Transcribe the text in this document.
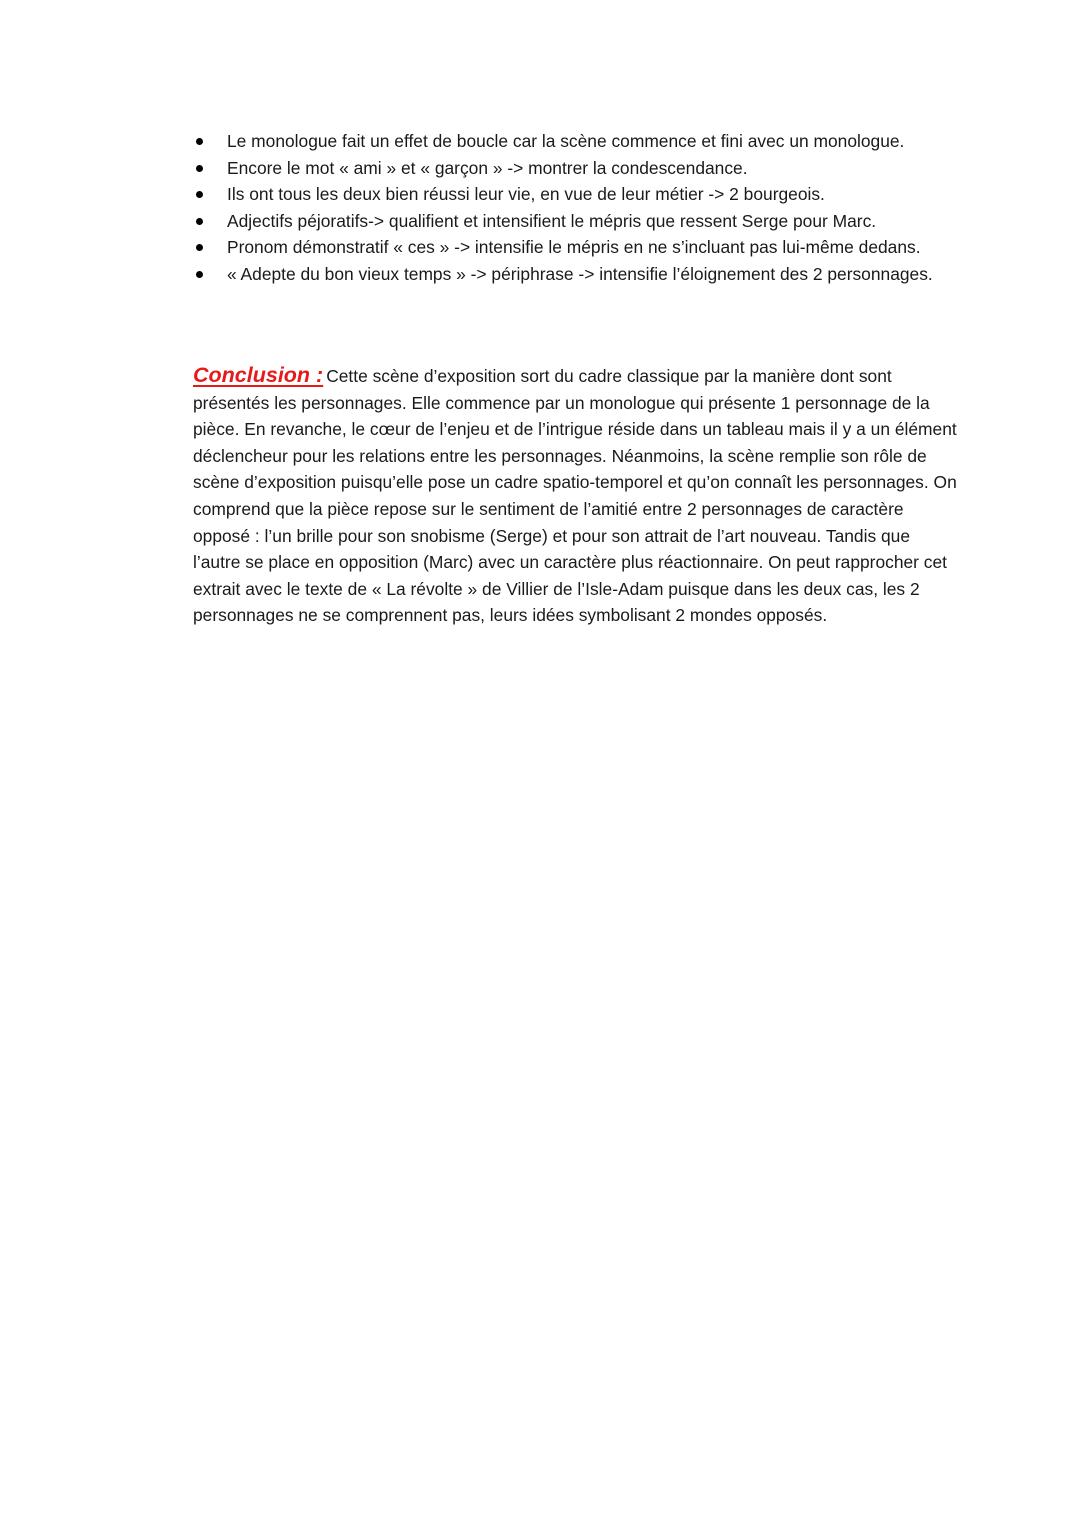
Le monologue fait un effet de boucle car la scène commence et fini avec un monologue.
Encore le mot « ami » et « garçon » -> montrer la condescendance.
Ils ont tous les deux bien réussi leur vie, en vue de leur métier -> 2 bourgeois.
Adjectifs péjoratifs-> qualifient et intensifient le mépris que ressent Serge pour Marc.
Pronom démonstratif « ces » -> intensifie le mépris en ne s’incluant pas lui-même dedans.
« Adepte du bon vieux temps » -> périphrase -> intensifie l’éloignement des 2 personnages.

Conclusion : Cette scène d’exposition sort du cadre classique par la manière dont sont présentés les personnages. Elle commence par un monologue qui présente 1 personnage de la pièce. En revanche, le cœur de l’enjeu et de l’intrigue réside dans un tableau mais il y a un élément déclencheur pour les relations entre les personnages. Néanmoins, la scène remplie son rôle de scène d’exposition puisqu’elle pose un cadre spatio-temporel et qu’on connaît les personnages. On comprend que la pièce repose sur le sentiment de l’amitié entre 2 personnages de caractère opposé : l’un brille pour son snobisme (Serge) et pour son attrait de l’art nouveau. Tandis que l’autre se place en opposition (Marc) avec un caractère plus réactionnaire. On peut rapprocher cet extrait avec le texte de « La révolte » de Villier de l’Isle-Adam puisque dans les deux cas, les 2 personnages ne se comprennent pas, leurs idées symbolisant 2 mondes opposés.
